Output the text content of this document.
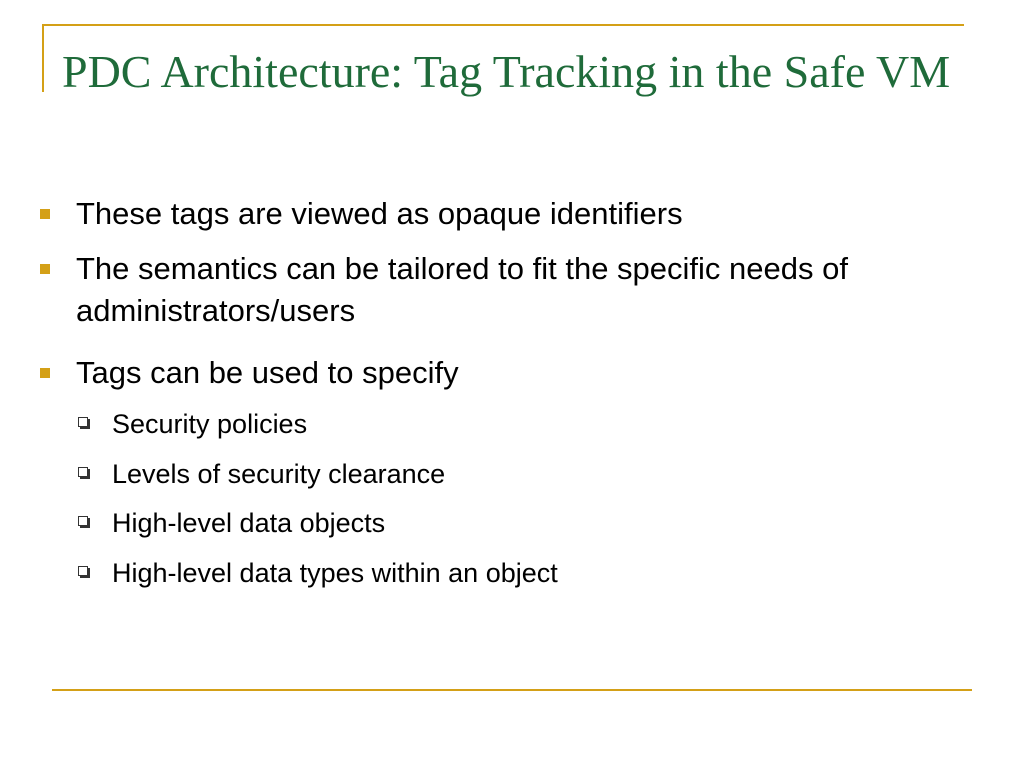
PDC Architecture: Tag Tracking in the Safe VM
These tags are viewed as opaque identifiers
The semantics can be tailored to fit the specific needs of administrators/users
Tags can be used to specify
Security policies
Levels of security clearance
High-level data objects
High-level data types within an object
